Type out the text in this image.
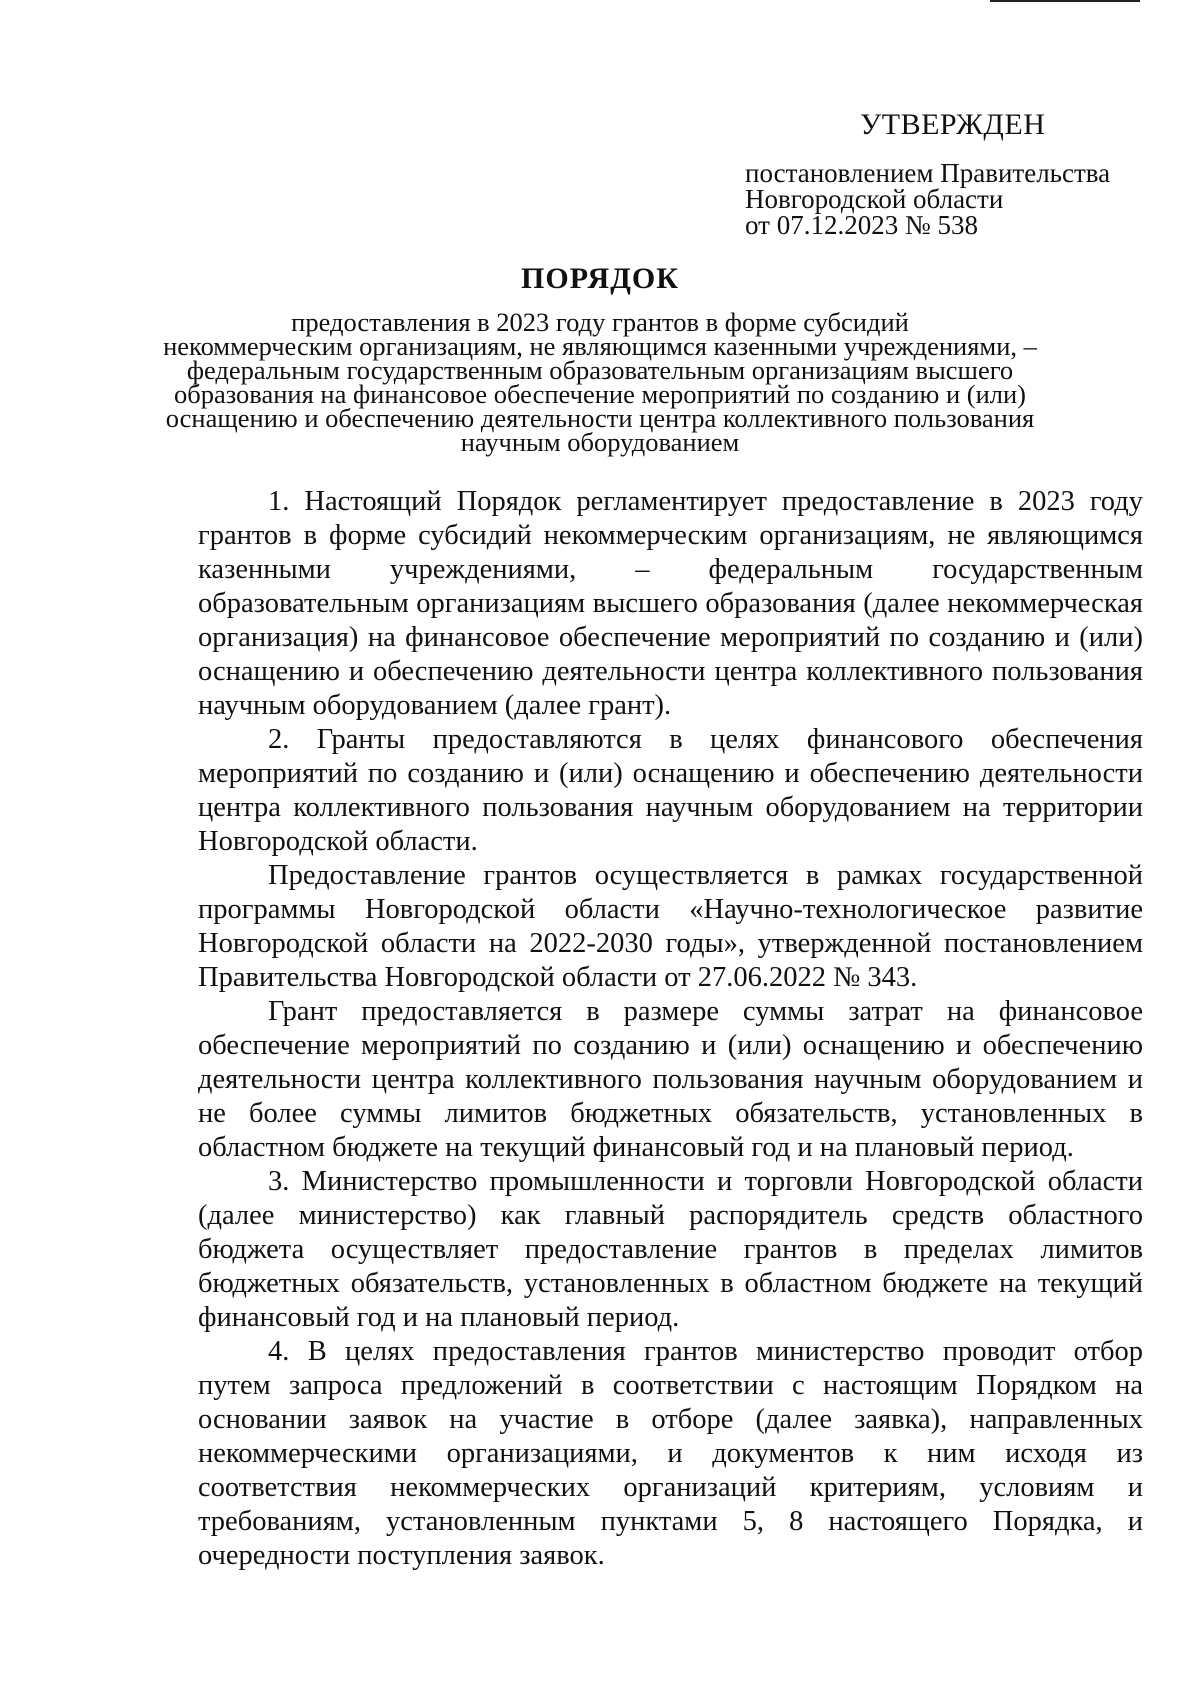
УТВЕРЖДЕН
постановлением Правительства
Новгородской области
от 07.12.2023 № 538
ПОРЯДОК
предоставления в 2023 году грантов в форме субсидий
некоммерческим организациям, не являющимся казенными учреждениями, –
федеральным государственным образовательным организациям высшего
образования на финансовое обеспечение мероприятий по созданию и (или)
оснащению и обеспечению деятельности центра коллективного пользования
научным оборудованием

1. Настоящий Порядок регламентирует предоставление в 2023 году грантов в форме субсидий некоммерческим организациям, не являющимся казенными учреждениями, – федеральным государственным образовательным организациям высшего образования (далее некоммерческая организация) на финансовое обеспечение мероприятий по созданию и (или) оснащению и обеспечению деятельности центра коллективного пользования научным оборудованием (далее грант).

2. Гранты предоставляются в целях финансового обеспечения мероприятий по созданию и (или) оснащению и обеспечению деятельности центра коллективного пользования научным оборудованием на территории Новгородской области.

Предоставление грантов осуществляется в рамках государственной программы Новгородской области «Научно-технологическое развитие Новгородской области на 2022-2030 годы», утвержденной постановлением Правительства Новгородской области от 27.06.2022 № 343.

Грант предоставляется в размере суммы затрат на финансовое обеспечение мероприятий по созданию и (или) оснащению и обеспечению деятельности центра коллективного пользования научным оборудованием и не более суммы лимитов бюджетных обязательств, установленных в областном бюджете на текущий финансовый год и на плановый период.

3. Министерство промышленности и торговли Новгородской области (далее министерство) как главный распорядитель средств областного бюджета осуществляет предоставление грантов в пределах лимитов бюджетных обязательств, установленных в областном бюджете на текущий финансовый год и на плановый период.

4. В целях предоставления грантов министерство проводит отбор путем запроса предложений в соответствии с настоящим Порядком на основании заявок на участие в отборе (далее заявка), направленных некоммерческими организациями, и документов к ним исходя из соответствия некоммерческих организаций критериям, условиям и требованиям, установленным пунктами 5, 8 настоящего Порядка, и очередности поступления заявок.
